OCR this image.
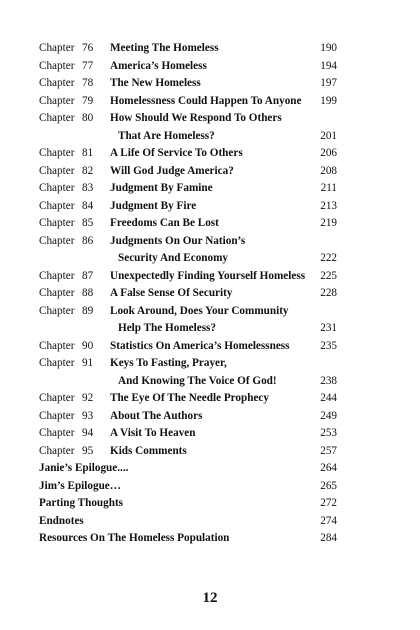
Chapter 76 Meeting The Homeless	190
Chapter 77 America’s Homeless	194
Chapter 78 The New Homeless	197
Chapter 79 Homelessness Could Happen To Anyone 199
Chapter 80 How Should We Respond To Others
That Are Homeless?	201
Chapter 81 A Life Of Service To Others	206
Chapter 82 Will God Judge America?	208
Chapter 83 Judgment By Famine	211
Chapter 84 Judgment By Fire	213
Chapter 85 Freedoms Can Be Lost	219
Chapter 86 Judgments On Our Nation’s
Security And Economy	222
Chapter 87 Unexpectedly Finding Yourself Homeless 225
Chapter 88 A False Sense Of Security	228
Chapter 89 Look Around, Does Your Community
Help The Homeless?	231
Chapter 90 Statistics On America’s Homelessness	235
Chapter 91 Keys To Fasting, Prayer,
And Knowing The Voice Of God!	238
Chapter 92 The Eye Of The Needle Prophecy	244
Chapter 93 About The Authors	249
Chapter 94 A Visit To Heaven	253
Chapter 95 Kids Comments	257
Janie’s Epilogue....	264
Jim’s Epilogue…	265
Parting Thoughts	272
Endnotes	274
Resources On The Homeless Population	284
12
